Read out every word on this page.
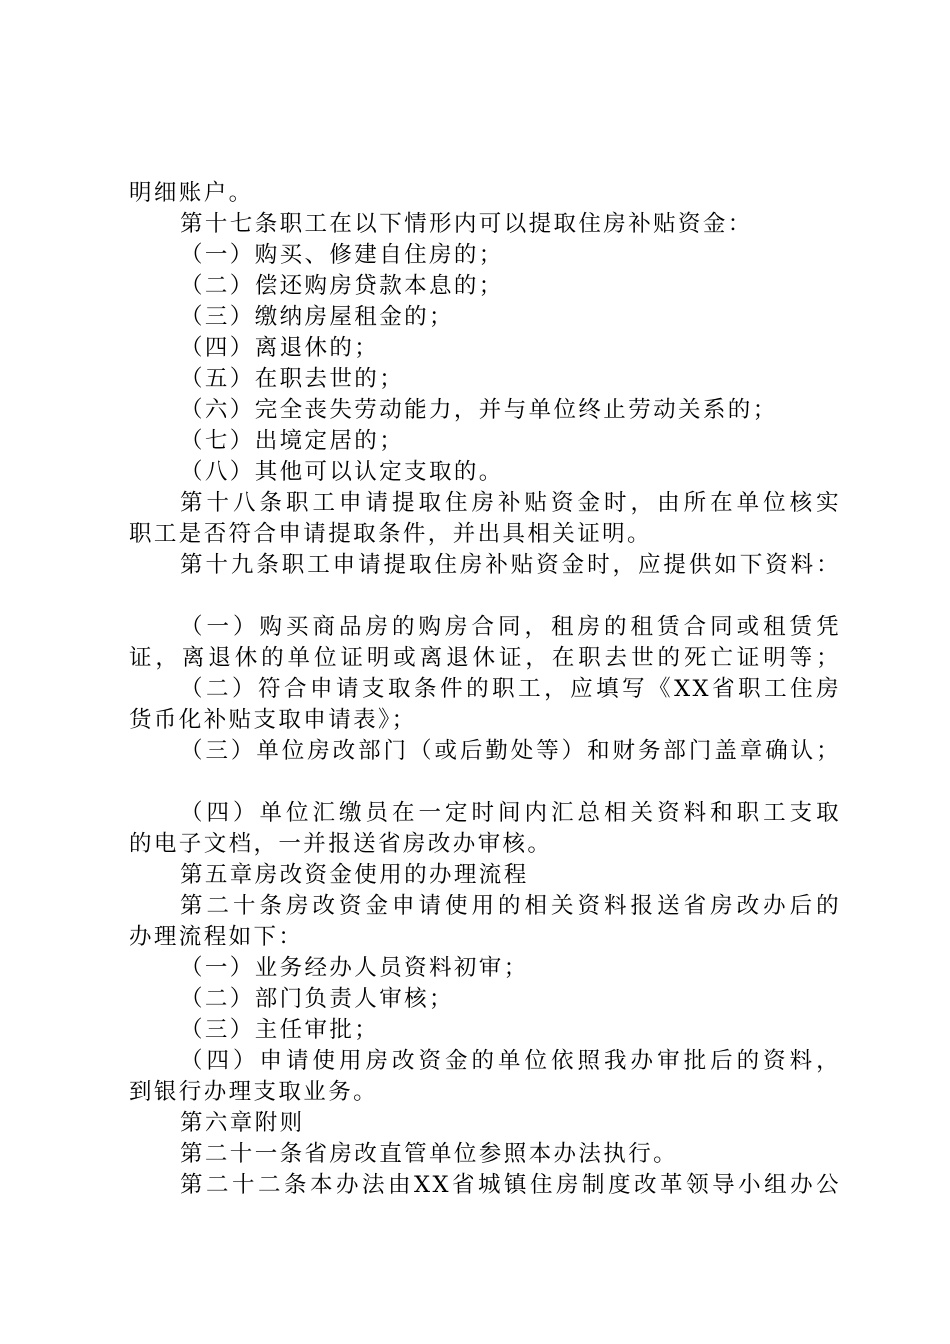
明细账户。
第十七条职工在以下情形内可以提取住房补贴资金：
（一）购买、修建自住房的；
（二）偿还购房贷款本息的；
（三）缴纳房屋租金的；
（四）离退休的；
（五）在职去世的；
（六）完全丧失劳动能力，并与单位终止劳动关系的；
（七）出境定居的；
（八）其他可以认定支取的。
第十八条职工申请提取住房补贴资金时，由所在单位核实
职工是否符合申请提取条件，并出具相关证明。
第十九条职工申请提取住房补贴资金时，应提供如下资料：
（一）购买商品房的购房合同，租房的租赁合同或租赁凭
证，离退休的单位证明或离退休证，在职去世的死亡证明等；
（二）符合申请支取条件的职工，应填写《XX省职工住房
货币化补贴支取申请表》；
（三）单位房改部门（或后勤处等）和财务部门盖章确认；
（四）单位汇缴员在一定时间内汇总相关资料和职工支取
的电子文档，一并报送省房改办审核。
第五章房改资金使用的办理流程
第二十条房改资金申请使用的相关资料报送省房改办后的
办理流程如下：
（一）业务经办人员资料初审；
（二）部门负责人审核；
（三）主任审批；
（四）申请使用房改资金的单位依照我办审批后的资料，
到银行办理支取业务。
第六章附则
第二十一条省房改直管单位参照本办法执行。
第二十二条本办法由XX省城镇住房制度改革领导小组办公
